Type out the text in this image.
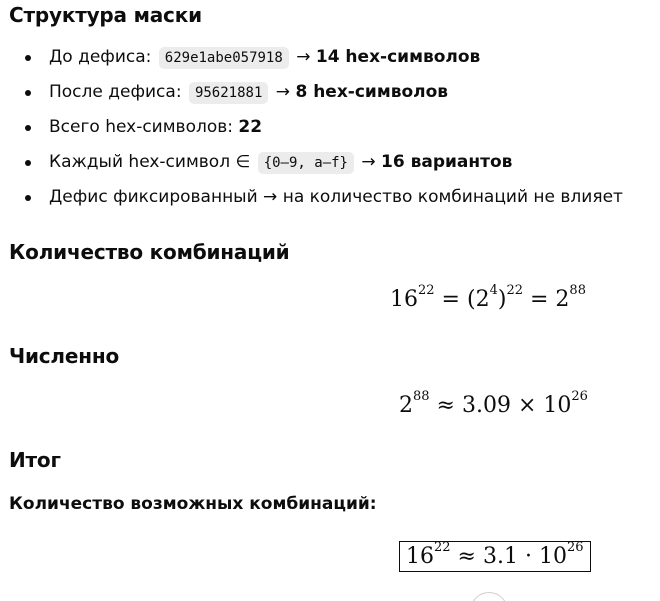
Структура маски
До дефиса: 629e1abe057918 → 14 hex-символов
После дефиса: 95621881 → 8 hex-символов
Всего hex-символов: 22
Каждый hex-символ ∈ {0–9, a–f} → 16 вариантов
Дефис фиксированный → на количество комбинаций не влияет
Количество комбинаций
$16^{22} = (2^4)^{22} = 2^{88}$
Численно
$2^{88} \approx 3.09 \times 10^{26}$
Итог
Количество возможных комбинаций:
$16^{22} \approx 3.1 \cdot 10^{26}$
